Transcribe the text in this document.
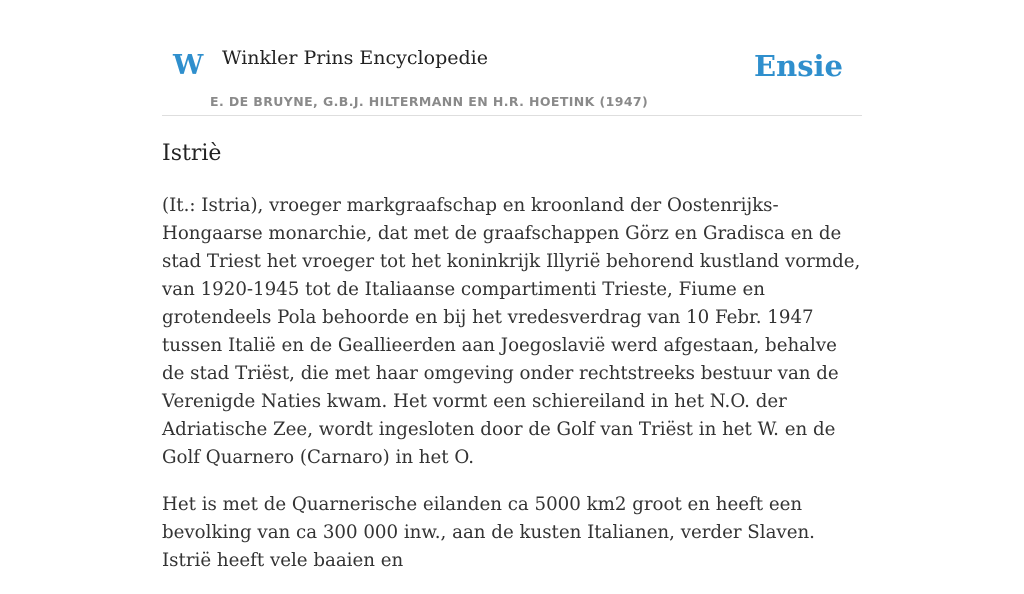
W Winkler Prins Encyclopedie
E. DE BRUYNE, G.B.J. HILTERMANN EN H.R. HOETINK (1947)
Ensie
Istriè

(It.: Istria), vroeger markgraafschap en kroonland der Oostenrijks-Hongaarse monarchie, dat met de graafschappen Görz en Gradisca en de stad Triest het vroeger tot het koninkrijk Illyrië behorend kustland vormde, van 1920-1945 tot de Italiaanse compartimenti Trieste, Fiume en grotendeels Pola behoorde en bij het vredesverdrag van 10 Febr. 1947 tussen Italië en de Geallieerden aan Joegoslavië werd afgestaan, behalve de stad Triëst, die met haar omgeving onder rechtstreeks bestuur van de Verenigde Naties kwam. Het vormt een schiereiland in het N.O. der Adriatische Zee, wordt ingesloten door de Golf van Triëst in het W. en de Golf Quarnero (Carnaro) in het O.

Het is met de Quarnerische eilanden ca 5000 km2 groot en heeft een bevolking van ca 300 000 inw., aan de kusten Italianen, verder Slaven. Istrië heeft vele baaien en
